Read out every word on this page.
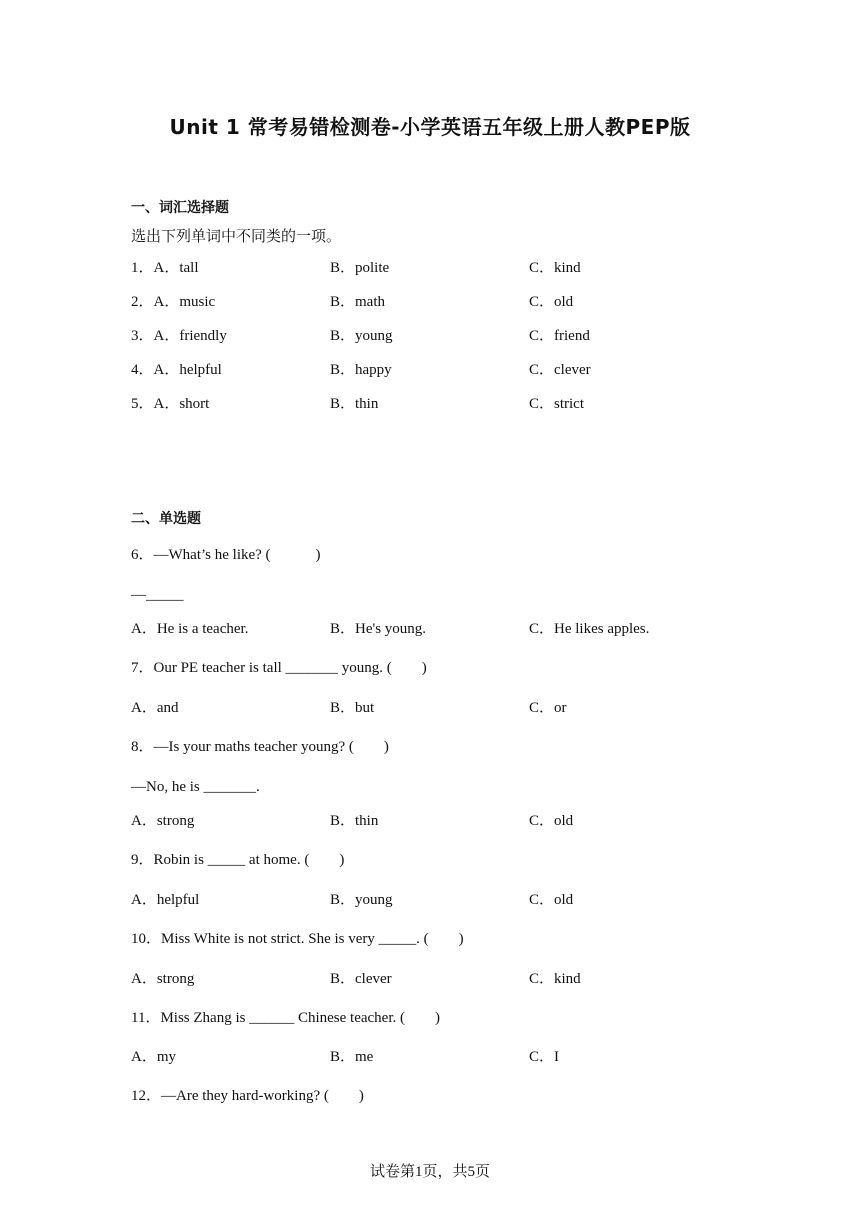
Unit 1 常考易错检测卷-小学英语五年级上册人教PEP版
一、词汇选择题
选出下列单词中不同类的一项。
1．A．tall	B．polite	C．kind
2．A．music	B．math	C．old
3．A．friendly	B．young	C．friend
4．A．helpful	B．happy	C．clever
5．A．short	B．thin	C．strict
二、单选题
6．—What’s he like? (　　　)
—_____
A．He is a teacher.	B．He's young.	C．He likes apples.
7．Our PE teacher is tall _______ young. (　　)
A．and	B．but	C．or
8．—Is your maths teacher young? (　　)
—No, he is _______.
A．strong	B．thin	C．old
9．Robin is _____ at home. (　　)
A．helpful	B．young	C．old
10．Miss White is not strict. She is very _____. (　　)
A．strong	B．clever	C．kind
11．Miss Zhang is ______ Chinese teacher. (　　)
A．my	B．me	C．I
12．—Are they hard-working? (　　)
试卷第1页，共5页
